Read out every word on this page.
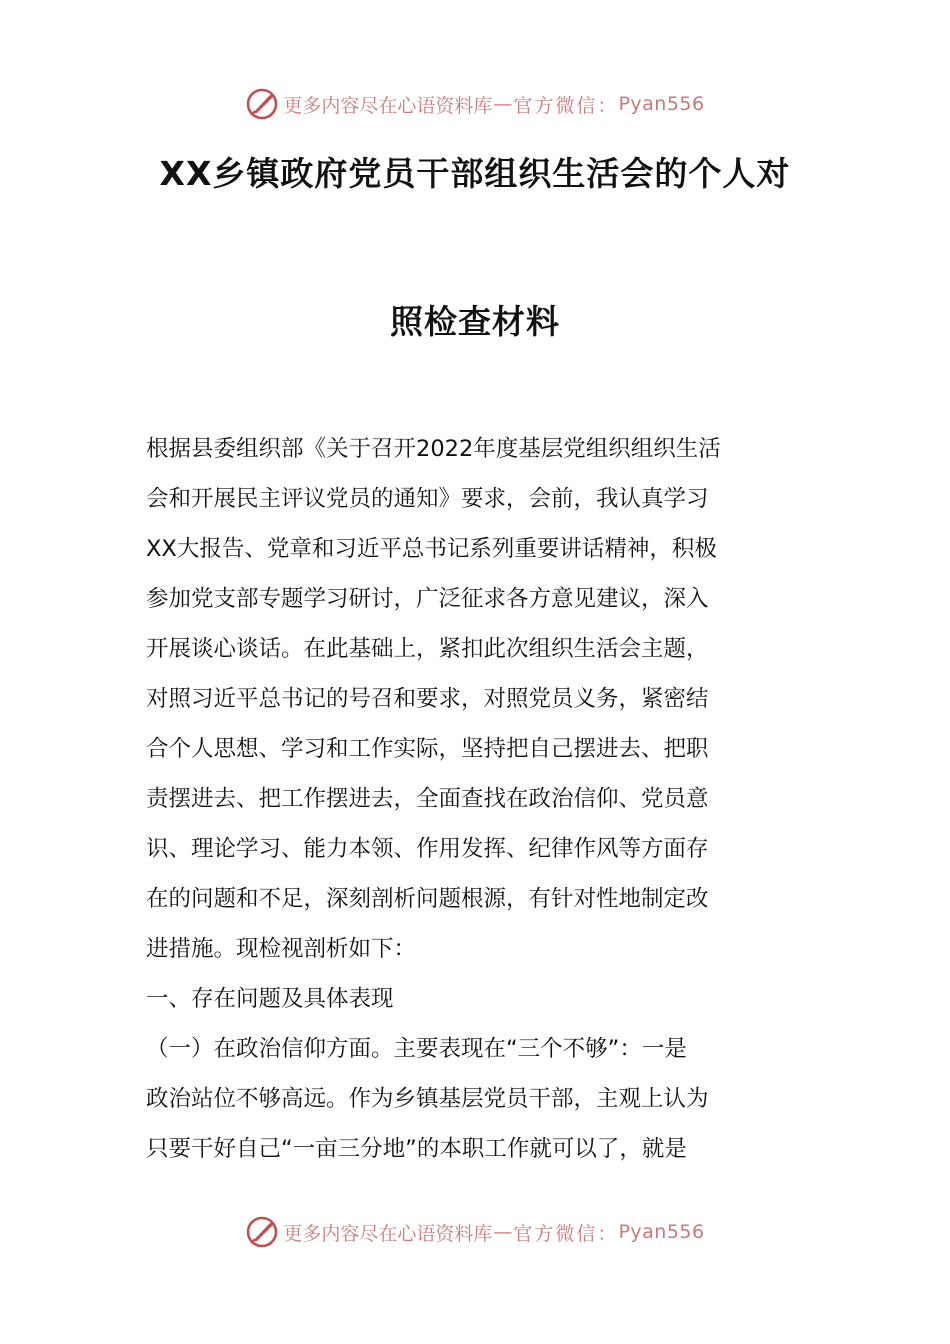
更多内容尽在心语资料库 — 官方微信： Pyan556
XX乡镇政府党员干部组织生活会的个人对
照检查材料
根据县委组织部《关于召开2022年度基层党组织组织生活
会和开展民主评议党员的通知》要求，会前，我认真学习
XX大报告、党章和习近平总书记系列重要讲话精神，积极
参加党支部专题学习研讨，广泛征求各方意见建议，深入
开展谈心谈话。在此基础上，紧扣此次组织生活会主题，
对照习近平总书记的号召和要求，对照党员义务，紧密结
合个人思想、学习和工作实际，坚持把自己摆进去、把职
责摆进去、把工作摆进去，全面查找在政治信仰、党员意
识、理论学习、能力本领、作用发挥、纪律作风等方面存
在的问题和不足，深刻剖析问题根源，有针对性地制定改
进措施。现检视剖析如下：
一、存在问题及具体表现
（一）在政治信仰方面。主要表现在“三个不够”：一是
政治站位不够高远。作为乡镇基层党员干部，主观上认为
只要干好自己“一亩三分地”的本职工作就可以了，就是
更多内容尽在心语资料库 — 官方微信： Pyan556
